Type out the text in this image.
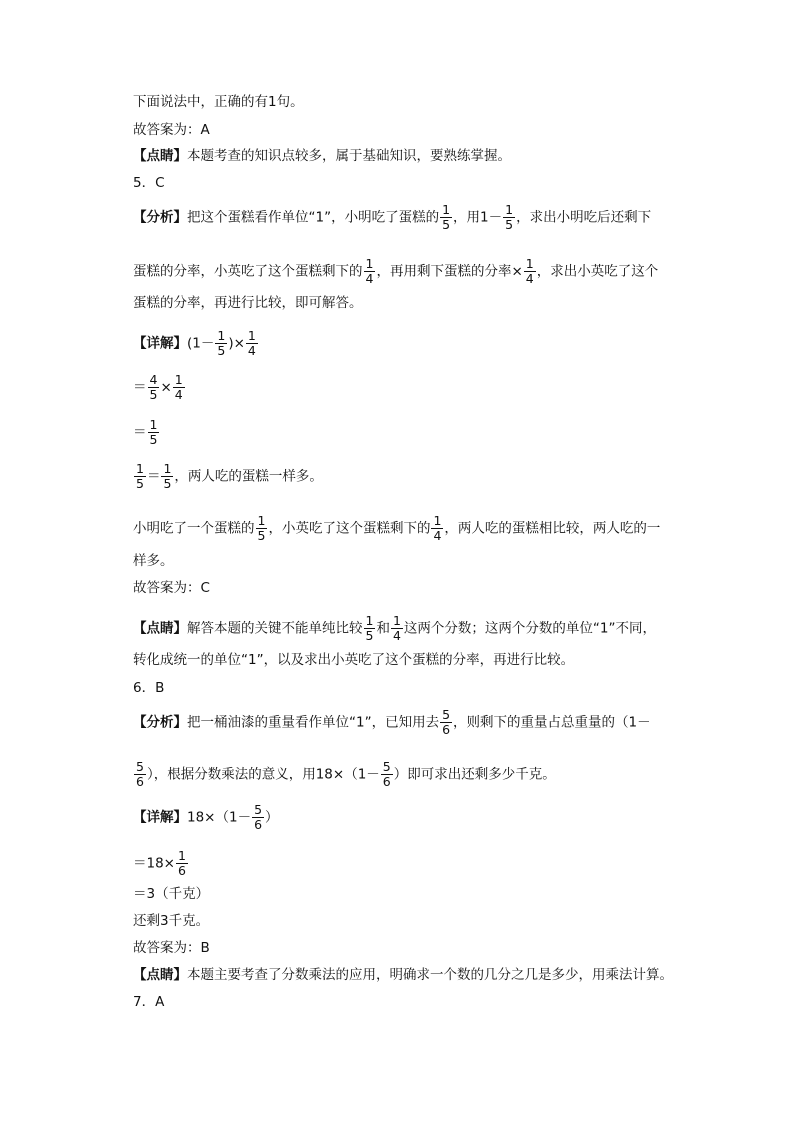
下面说法中，正确的有1句。
故答案为：A
【点睛】本题考查的知识点较多，属于基础知识，要熟练掌握。
5．C
【分析】把这个蛋糕看作单位“1”，小明吃了蛋糕的 $\frac{1}{5}$ ，用$1- \frac{1}{5}$ ，求出小明吃后还剩下
蛋糕的分率，小英吃了这个蛋糕剩下的 $\frac{1}{4}$ ，再用剩下蛋糕的分率× $\frac{1}{4}$ ，求出小英吃了这个
蛋糕的分率，再进行比较，即可解答。
【详解】($1- \frac{1}{5}$ )× $\frac{1}{4}$
＝ $\frac{4}{5} \times \frac{1}{4}$
＝ $\frac{1}{5}$
$\frac{1}{5} = \frac{1}{5}$ ，两人吃的蛋糕一样多。
小明吃了一个蛋糕的 $\frac{1}{5}$ ，小英吃了这个蛋糕剩下的 $\frac{1}{4}$ ，两人吃的蛋糕相比较，两人吃的一
样多。
故答案为：C
【点睛】解答本题的关键不能单纯比较 $\frac{1}{5}$ 和 $\frac{1}{4}$ 这两个分数；这两个分数的单位“1”不同，
转化成统一的单位“1”，以及求出小英吃了这个蛋糕的分率，再进行比较。
6．B
【分析】把一桶油漆的重量看作单位“1”，已知用去 $\frac{5}{6}$ ，则剩下的重量占总重量的（1－
$\frac{5}{6}$ ），根据分数乘法的意义，用$18\times(1- \frac{5}{6}$ ）即可求出还剩多少千克。
【详解】$18\times(1- \frac{5}{6}$ ）
$=18\times \frac{1}{6}$
＝3（千克）
还剩3千克。
故答案为：B
【点睛】本题主要考查了分数乘法的应用，明确求一个数的几分之几是多少，用乘法计算。
7．A
